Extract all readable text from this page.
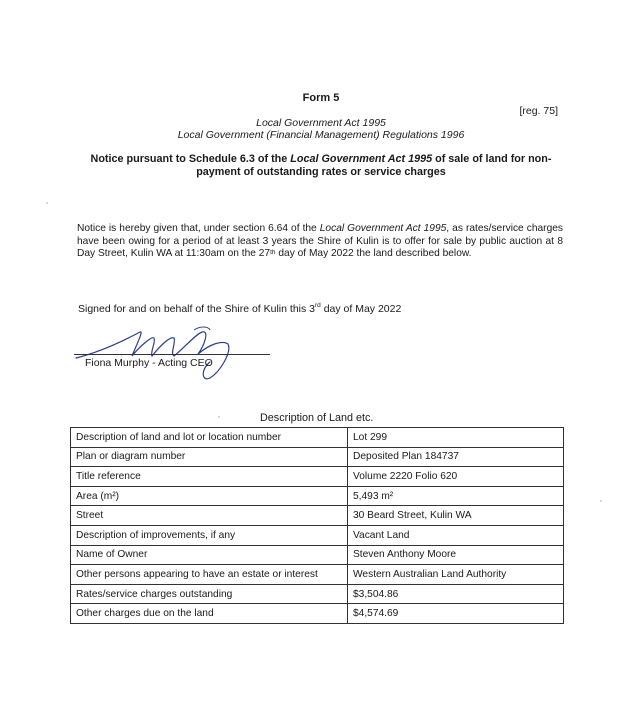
Form 5
[reg. 75]
Local Government Act 1995
Local Government (Financial Management) Regulations 1996
Notice pursuant to Schedule 6.3 of the Local Government Act 1995 of sale of land for non-payment of outstanding rates or service charges
Notice is hereby given that, under section 6.64 of the Local Government Act 1995, as rates/service charges have been owing for a period of at least 3 years the Shire of Kulin is to offer for sale by public auction at 8 Day Street, Kulin WA at 11:30am on the 27th day of May 2022 the land described below.
Signed for and on behalf of the Shire of Kulin this 3rd day of May 2022
Fiona Murphy - Acting CEO
Description of Land etc.
Description of land and lot or location number	Lot 299
Plan or diagram number	Deposited Plan 184737
Title reference	Volume 2220 Folio 620
Area (m²)	5,493 m²
Street	30 Beard Street, Kulin WA
Description of improvements, if any	Vacant Land
Name of Owner	Steven Anthony Moore
Other persons appearing to have an estate or interest	Western Australian Land Authority
Rates/service charges outstanding	$3,504.86
Other charges due on the land	$4,574.69
